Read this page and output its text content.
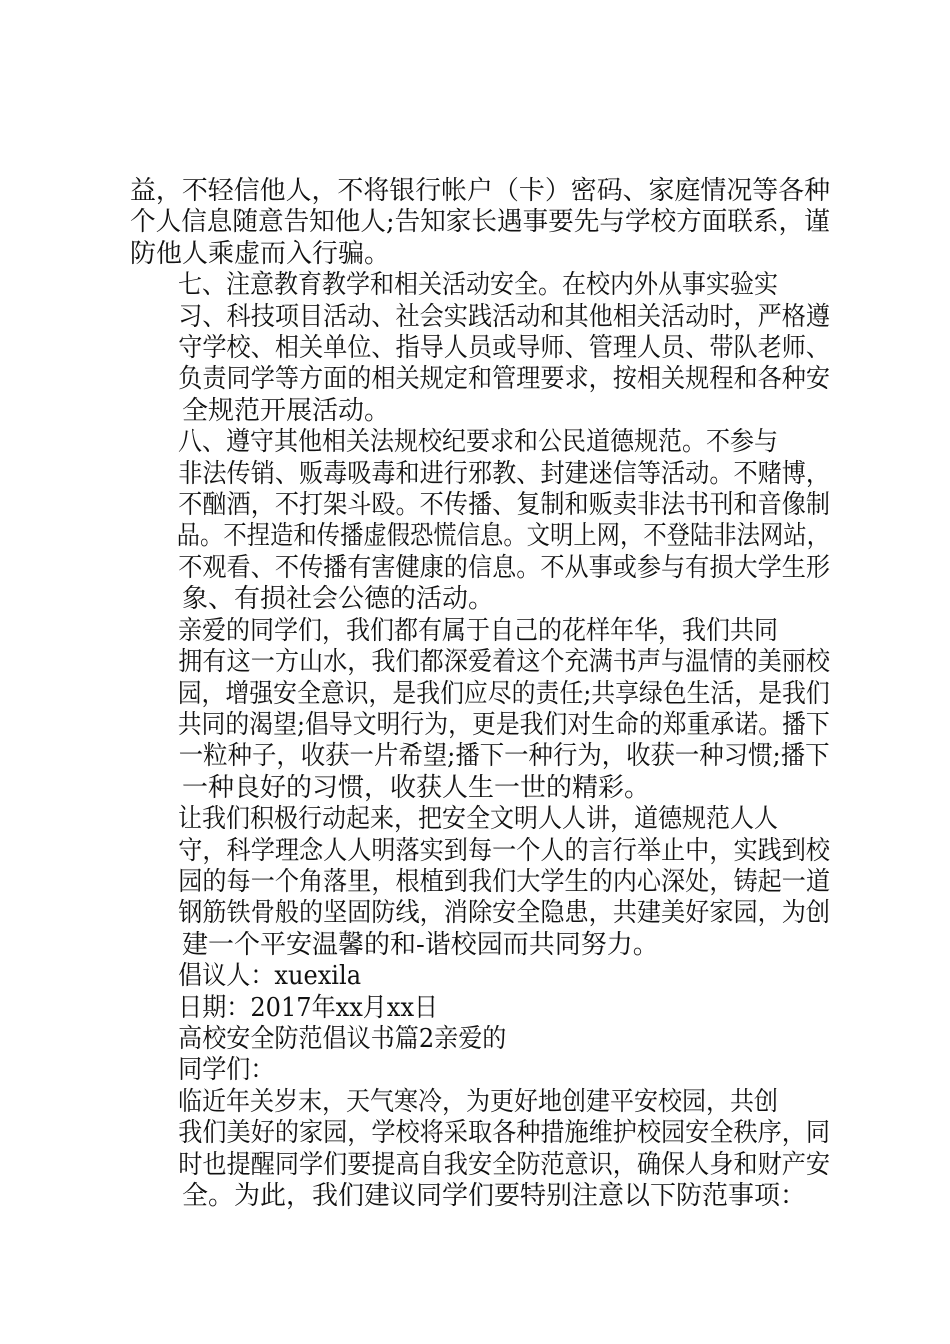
益，不轻信他人，不将银行帐户（卡）密码、家庭情况等各种
个人信息随意告知他人;告知家长遇事要先与学校方面联系，谨
防他人乘虚而入行骗。
七、注意教育教学和相关活动安全。在校内外从事实验实
习、科技项目活动、社会实践活动和其他相关活动时，严格遵
守学校、相关单位、指导人员或导师、管理人员、带队老师、
负责同学等方面的相关规定和管理要求，按相关规程和各种安
全规范开展活动。
八、遵守其他相关法规校纪要求和公民道德规范。不参与
非法传销、贩毒吸毒和进行邪教、封建迷信等活动。不赌博，
不酗酒，不打架斗殴。不传播、复制和贩卖非法书刊和音像制
品。不捏造和传播虚假恐慌信息。文明上网，不登陆非法网站，
不观看、不传播有害健康的信息。不从事或参与有损大学生形
象、有损社会公德的活动。
亲爱的同学们，我们都有属于自己的花样年华，我们共同
拥有这一方山水，我们都深爱着这个充满书声与温情的美丽校
园，增强安全意识，是我们应尽的责任;共享绿色生活，是我们
共同的渴望;倡导文明行为，更是我们对生命的郑重承诺。播下
一粒种子，收获一片希望;播下一种行为，收获一种习惯;播下
一种良好的习惯，收获人生一世的精彩。
让我们积极行动起来，把安全文明人人讲，道德规范人人
守，科学理念人人明落实到每一个人的言行举止中，实践到校
园的每一个角落里，根植到我们大学生的内心深处，铸起一道
钢筋铁骨般的坚固防线，消除安全隐患，共建美好家园，为创
建一个平安温馨的和-谐校园而共同努力。
倡议人：xuexila
日期：2017年xx月xx日
高校安全防范倡议书篇2亲爱的
同学们：
临近年关岁末，天气寒冷，为更好地创建平安校园，共创
我们美好的家园，学校将采取各种措施维护校园安全秩序，同
时也提醒同学们要提高自我安全防范意识，确保人身和财产安
全。为此，我们建议同学们要特别注意以下防范事项：
